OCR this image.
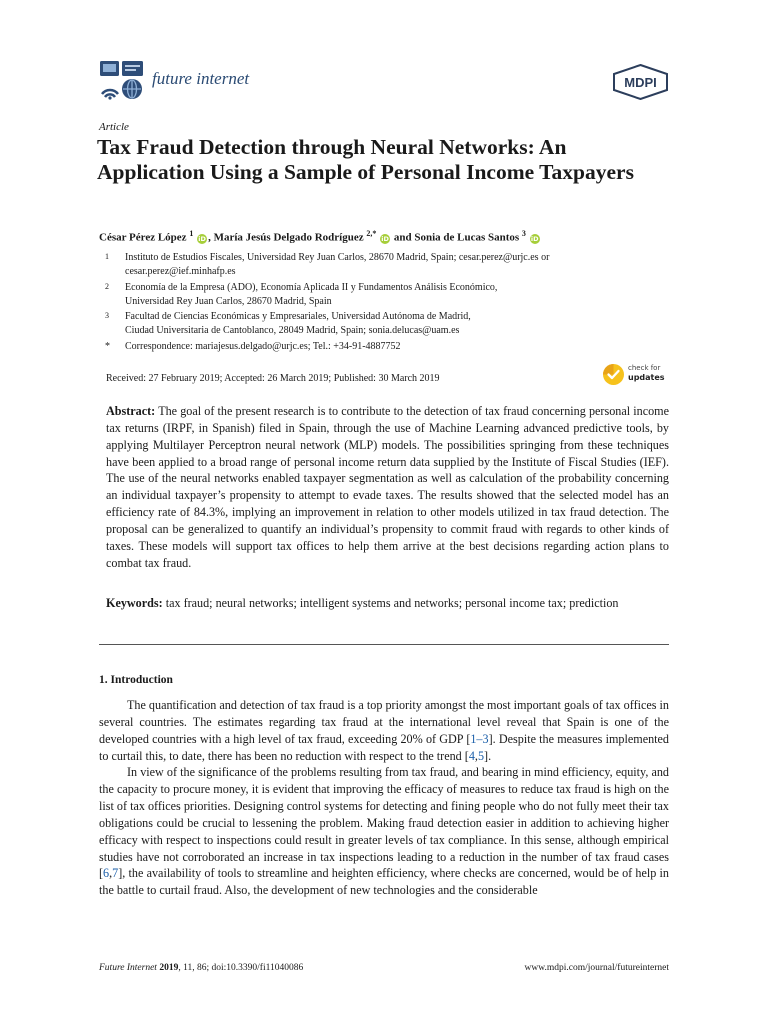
future internet	MDPI
Article
Tax Fraud Detection through Neural Networks: An Application Using a Sample of Personal Income Taxpayers
César Pérez López $^1$ iD , María Jesús Delgado Rodríguez $^{2,*}$ iD and Sonia de Lucas Santos $^3$ iD
1 Instituto de Estudios Fiscales, Universidad Rey Juan Carlos, 28670 Madrid, Spain; cesar.perez@urjc.es or
cesar.perez@ief.minhafp.es
2 Economía de la Empresa (ADO), Economía Aplicada II y Fundamentos Análisis Económico,
Universidad Rey Juan Carlos, 28670 Madrid, Spain
3 Facultad de Ciencias Económicas y Empresariales, Universidad Autónoma de Madrid,
Ciudad Universitaria de Cantoblanco, 28049 Madrid, Spain; sonia.delucas@uam.es
* Correspondence: mariajesus.delgado@urjc.es; Tel.: +34-91-4887752
Received: 27 February 2019; Accepted: 26 March 2019; Published: 30 March 2019
check for
updates

Abstract: The goal of the present research is to contribute to the detection of tax fraud concerning personal income tax returns (IRPF, in Spanish) filed in Spain, through the use of Machine Learning advanced predictive tools, by applying Multilayer Perceptron neural network (MLP) models. The possibilities springing from these techniques have been applied to a broad range of personal income return data supplied by the Institute of Fiscal Studies (IEF). The use of the neural networks enabled taxpayer segmentation as well as calculation of the probability concerning an individual taxpayer’s propensity to attempt to evade taxes. The results showed that the selected model has an efficiency rate of 84.3%, implying an improvement in relation to other models utilized in tax fraud detection. The proposal can be generalized to quantify an individual’s propensity to commit fraud with regards to other kinds of taxes. These models will support tax offices to help them arrive at the best decisions regarding action plans to combat tax fraud.

Keywords: tax fraud; neural networks; intelligent systems and networks; personal income tax; prediction

1. Introduction

The quantification and detection of tax fraud is a top priority amongst the most important goals of tax offices in several countries. The estimates regarding tax fraud at the international level reveal that Spain is one of the developed countries with a high level of tax fraud, exceeding 20% of GDP [1–3]. Despite the measures implemented to curtail this, to date, there has been no reduction with respect to the trend [4,5].

In view of the significance of the problems resulting from tax fraud, and bearing in mind efficiency, equity, and the capacity to procure money, it is evident that improving the efficacy of measures to reduce tax fraud is high on the list of tax offices priorities. Designing control systems for detecting and fining people who do not fully meet their tax obligations could be crucial to lessening the problem. Making fraud detection easier in addition to achieving higher efficacy with respect to inspections could result in greater levels of tax compliance. In this sense, although empirical studies have not corroborated an increase in tax inspections leading to a reduction in the number of tax fraud cases [6,7], the availability of tools to streamline and heighten efficiency, where checks are concerned, would be of help in the battle to curtail fraud. Also, the development of new technologies and the considerable

Future Internet 2019, 11, 86; doi:10.3390/fi11040086	www.mdpi.com/journal/futureinternet
